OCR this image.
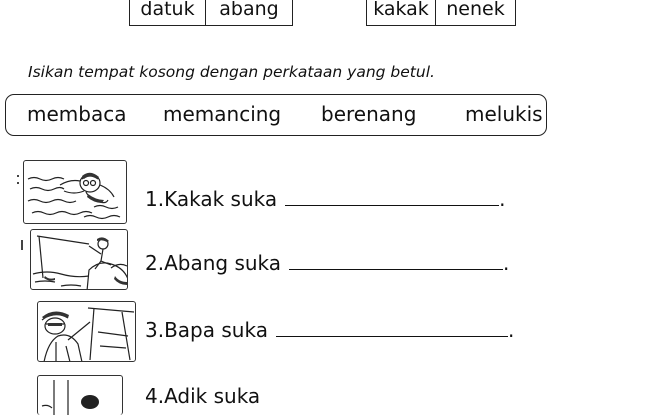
datuk	abang	kakak nenek
Isikan tempat kosong dengan perkataan yang betul.
membaca memancing berenang melukis
1.Kakak suka	.
2.Abang suka	.
3.Bapa suka	.
4.Adik suka
